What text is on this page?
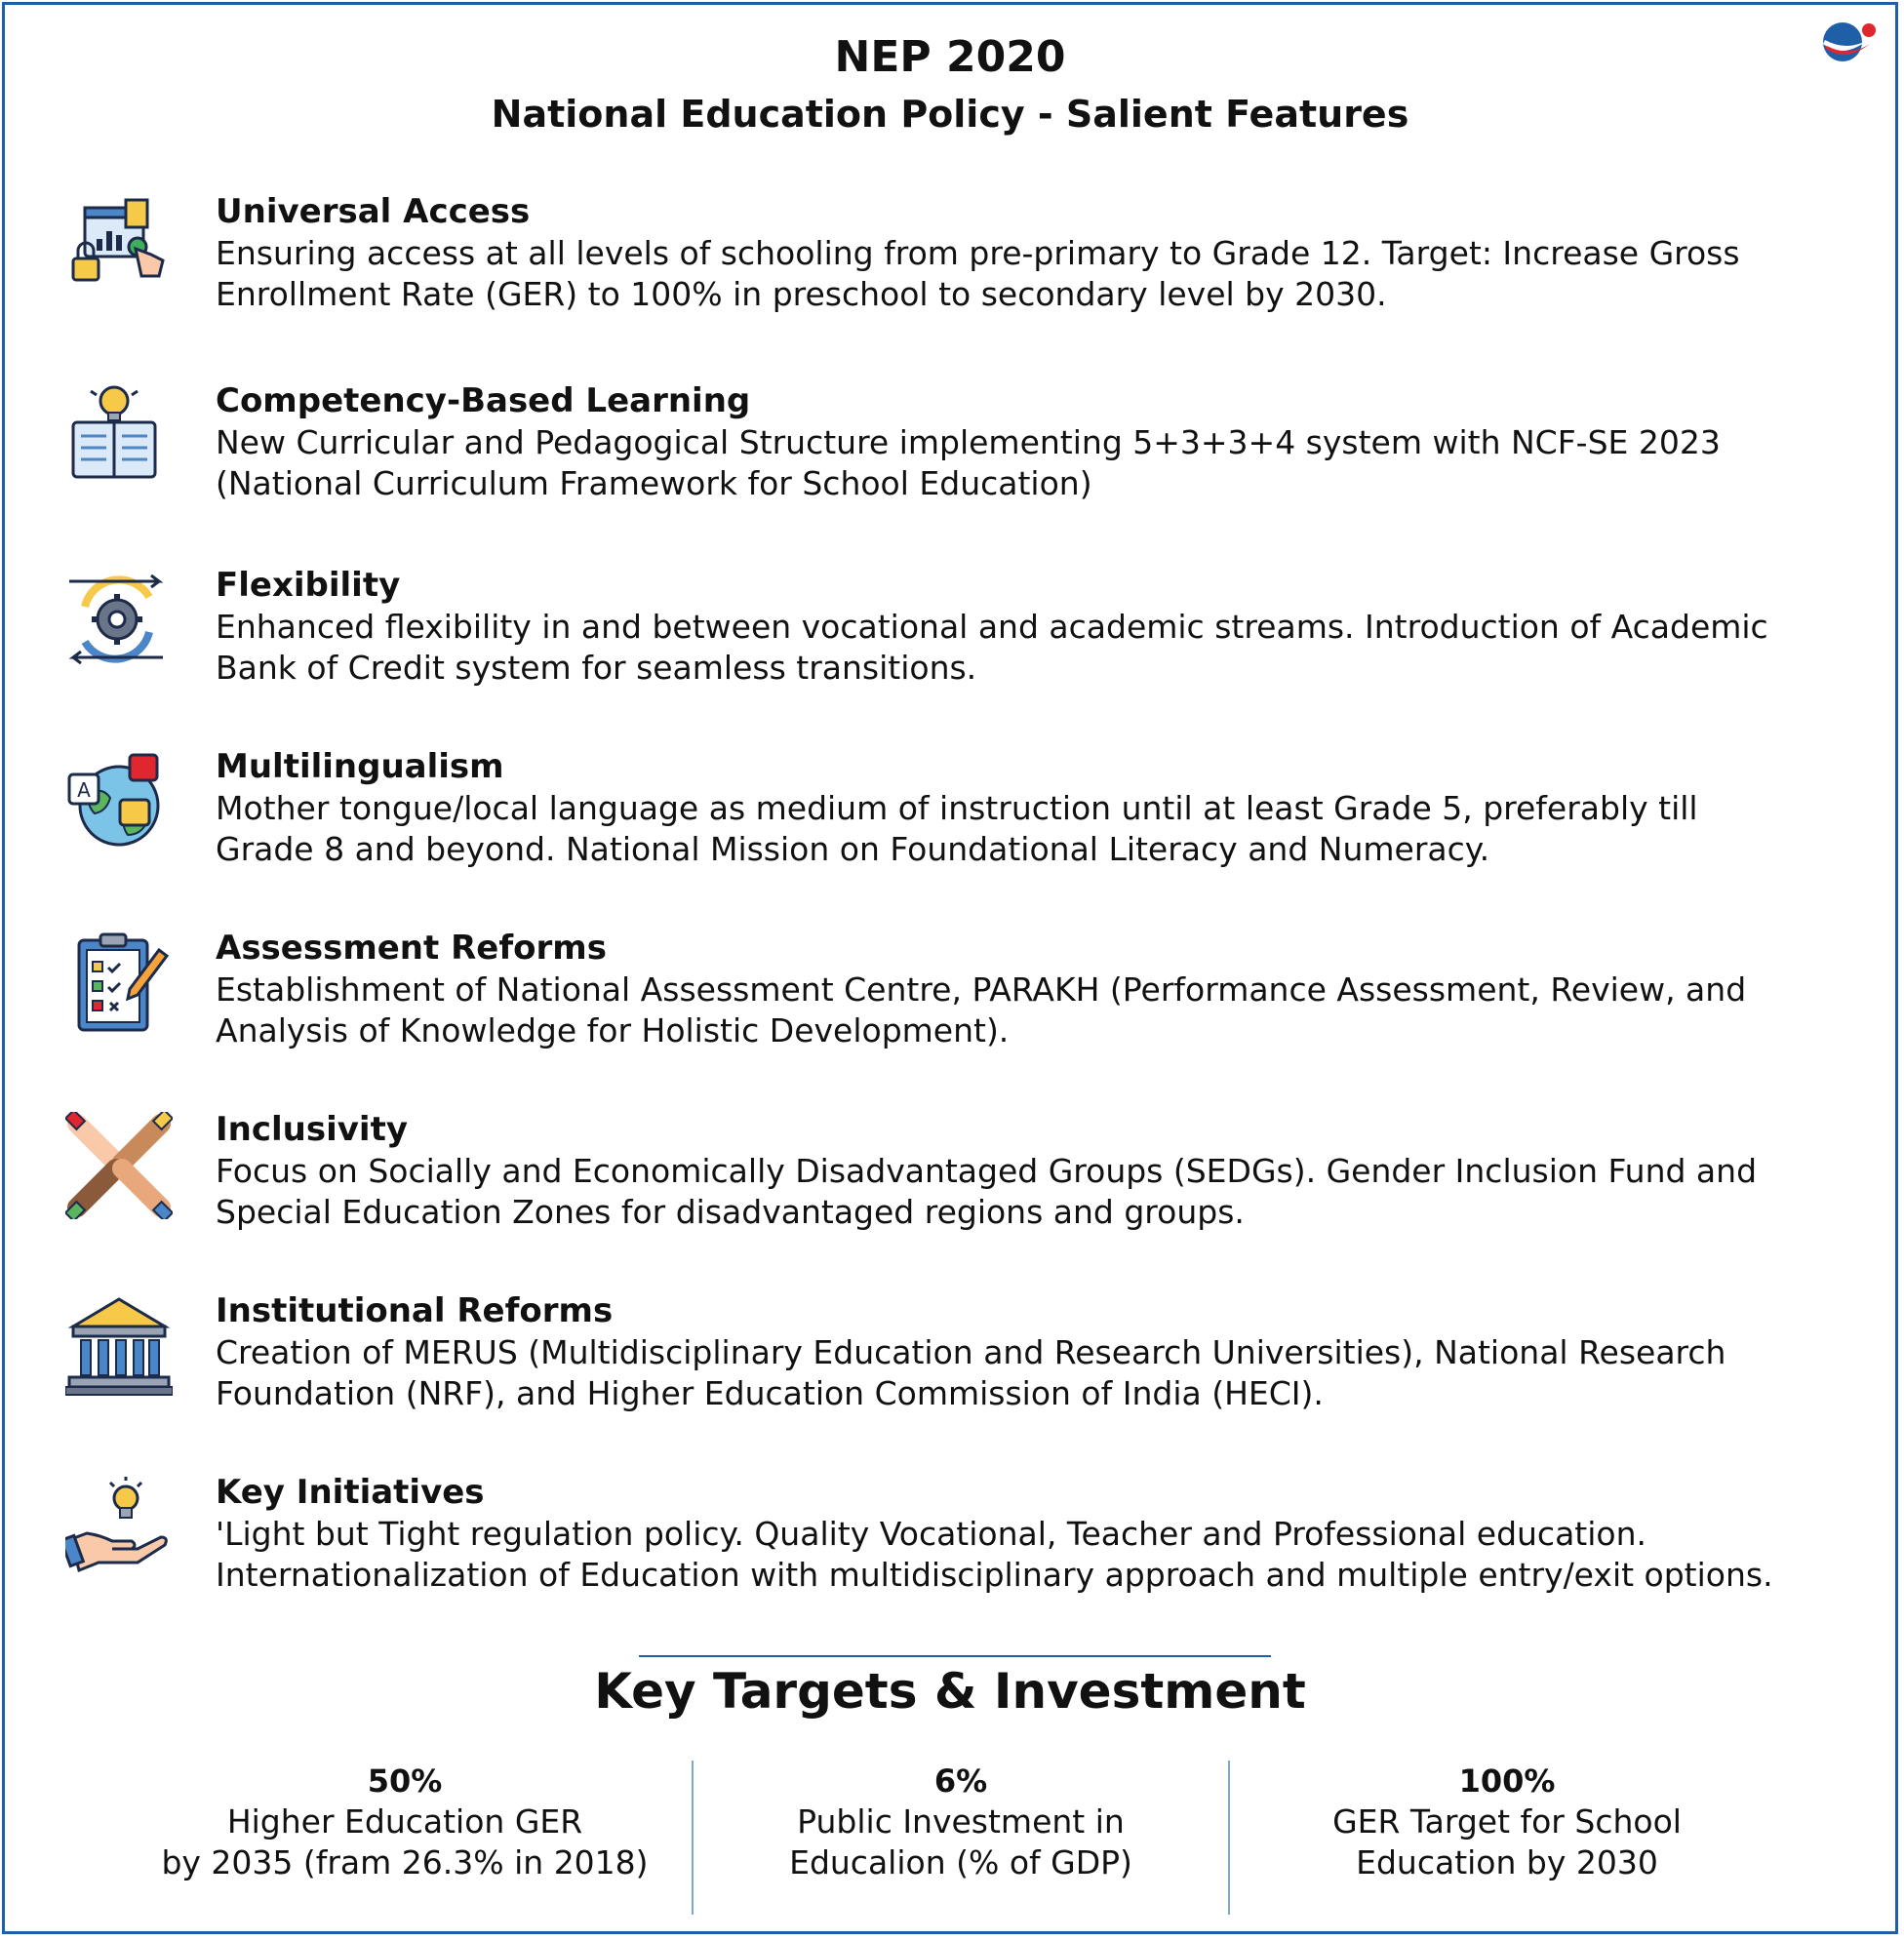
NEP 2020
National Education Policy - Salient Features
Universal Access
Ensuring access at all levels of schooling from pre-primary to Grade 12. Target: Increase Gross
Enrollment Rate (GER) to 100% in preschool to secondary level by 2030.
Competency-Based Learning
New Curricular and Pedagogical Structure implementing 5+3+3+4 system with NCF-SE 2023
(National Curriculum Framework for School Education)
Flexibility
Enhanced flexibility in and between vocational and academic streams. Introduction of Academic
Bank of Credit system for seamless transitions.
A
Multilingualism
Mother tongue/local language as medium of instruction until at least Grade 5, preferably till
Grade 8 and beyond. National Mission on Foundational Literacy and Numeracy.
Assessment Reforms
Establishment of National Assessment Centre, PARAKH (Performance Assessment, Review, and
Analysis of Knowledge for Holistic Development).
Inclusivity
Focus on Socially and Economically Disadvantaged Groups (SEDGs). Gender Inclusion Fund and
Special Education Zones for disadvantaged regions and groups.
Institutional Reforms
Creation of MERUS (Multidisciplinary Education and Research Universities), National Research
Foundation (NRF), and Higher Education Commission of India (HECI).
Key Initiatives
'Light but Tight regulation policy. Quality Vocational, Teacher and Professional education.
Internationalization of Education with multidisciplinary approach and multiple entry/exit options.
Key Targets & Investment
50%
Higher Education GER
by 2035 (fram 26.3% in 2018)
6%
Public Investment in
Educalion (% of GDP)
100%
GER Target for School
Education by 2030
